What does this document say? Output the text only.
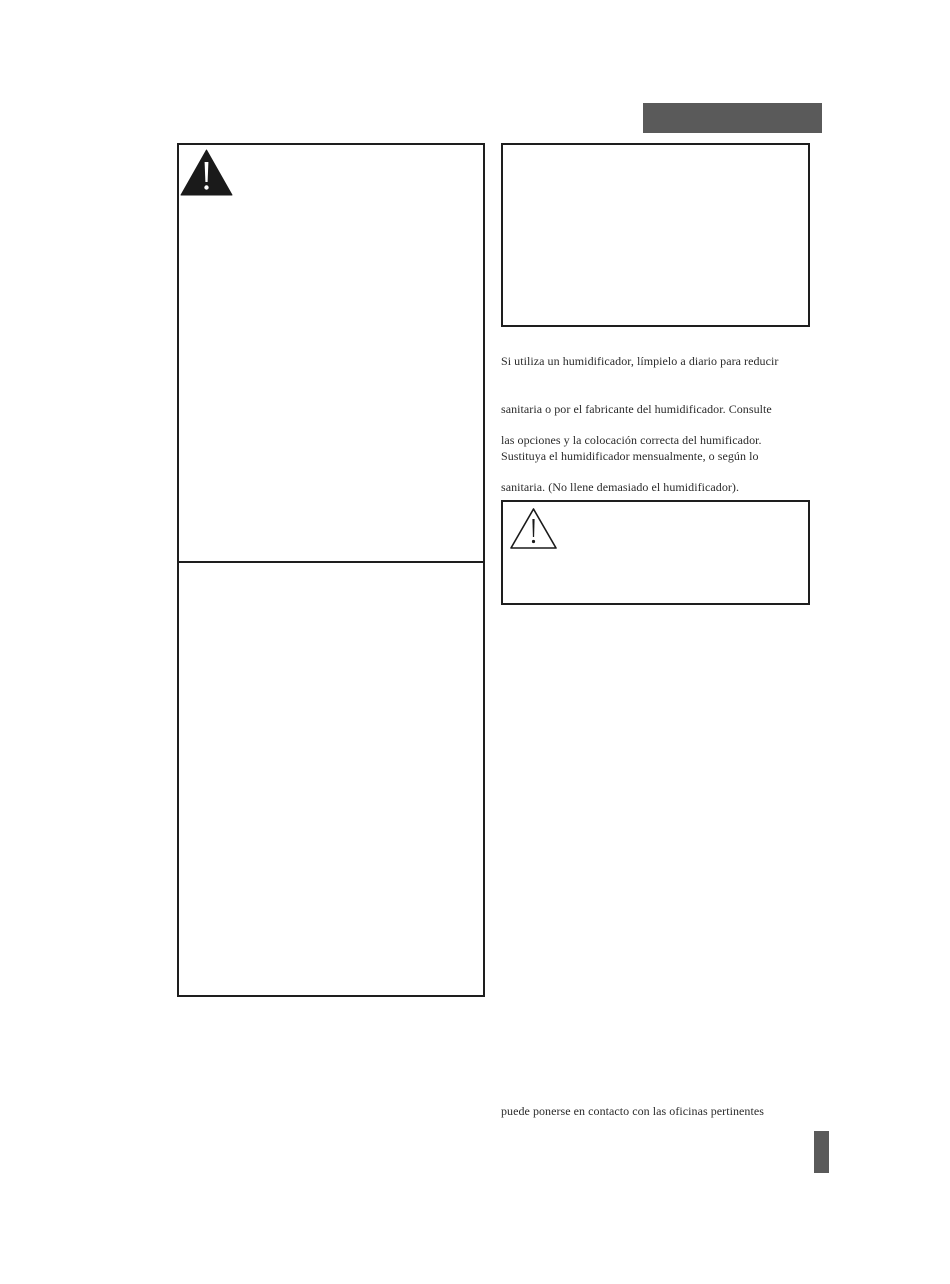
Si utiliza un humidificador, límpielo a diario para reducir
sanitaria o por el fabricante del humidificador. Consulte
las opciones y la colocación correcta del humificador.
Sustituya el humidificador mensualmente, o según lo
sanitaria. (No llene demasiado el humidificador).
puede ponerse en contacto con las oficinas pertinentes
